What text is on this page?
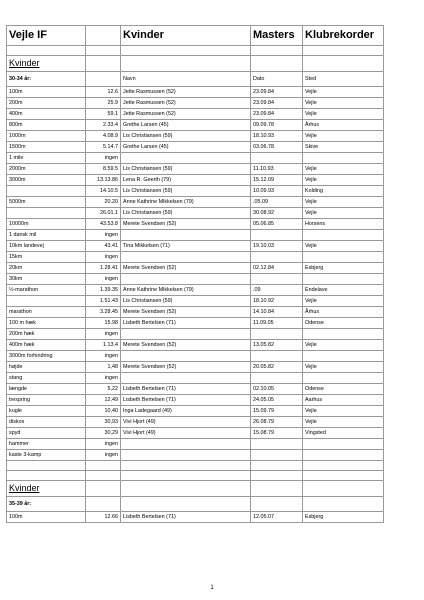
Vejle IF		Kvinder	Masters	Klubrekorder

Kvinder				
30-34 år:		Navn	Dato	Sted
100m	12.6	Jette Rasmussen (52)	23.09.84	Vejle
200m	25.9	Jette Rasmussen (52)	23.09.84	Vejle
400m	59.1	Jette Rasmussen (52)	23.09.84	Vejle
800m	2.33.4	Grethe Larsen (45)	09.09.78	Århus
1000m	4.08.9	Lis Christiansen (59)	18.10.93	Vejle
1500m	5.14.7	Grethe Larsen (45)	03.06.78	Skive
1 mile	ingen			
2000m	8.59.5	Lis Christiansen (59)	11.10.93	Vejle
3000m	13.13.86	Lena R. Geerth (79)	15.12.09	Vejle
	14.10.5	Lis Christiansen (59)	10.09.93	Kolding
5000m	20.20	Anne Kathrine Mikkelsen (79)	.05.09	Vejle
	26.01.1	Lis Christiansen (59)	30.08.92	Vejle
10000m	43.53.8	Merete Svendsen (52)	05.06.85	Horsens
1 dansk mil	ingen			
10km landevej	43.41	Tina Mikkelsen (71)	19.10.03	Vejle
15km	ingen			
20km	1.28.41	Merete Svendsen (52)	02.12.84	Esbjerg
30km	ingen			
½-marathon	1.39.35	Anne Kathrine Mikkelsen (79)	.09	Endelave
	1.51.43	Lis Christiansen (59)	18.10.92	Vejle
marathon	3.28.45	Merete Svendsen (52)	14.10.84	Århus
100 m hæk	15.98	Lisbeth Bertelsen (71)	11.09.05	Odense
200m hæk	ingen			
400m hæk	1.13.4	Merete Svendsen (52)	13.05.82	Vejle
3000m forhindring	ingen			
højde	1,48	Merete Svendsen (52)	20.05.82	Vejle
stang	ingen			
længde	5,22	Lisbeth Bertelsen (71)	02.10.05	Odense
trespring	12,49	Lisbeth Bertelsen (71)	24.05.05	Aarhus
kugle	10,40	Inga Ladegaard (49)	15.09.79	Vejle
diskos	30,93	Vivi Hjort (49)	26.08.79	Vejle
spyd	30,29	Vivi Hjort (49)	15.08.79	Vingsted
hammer	ingen			
kaste 3-kamp	ingen			

Kvinder				
35-39 år:				
100m	12.66	Lisbeth Bertelsen (71)	12.05.07	Esbjerg
1
